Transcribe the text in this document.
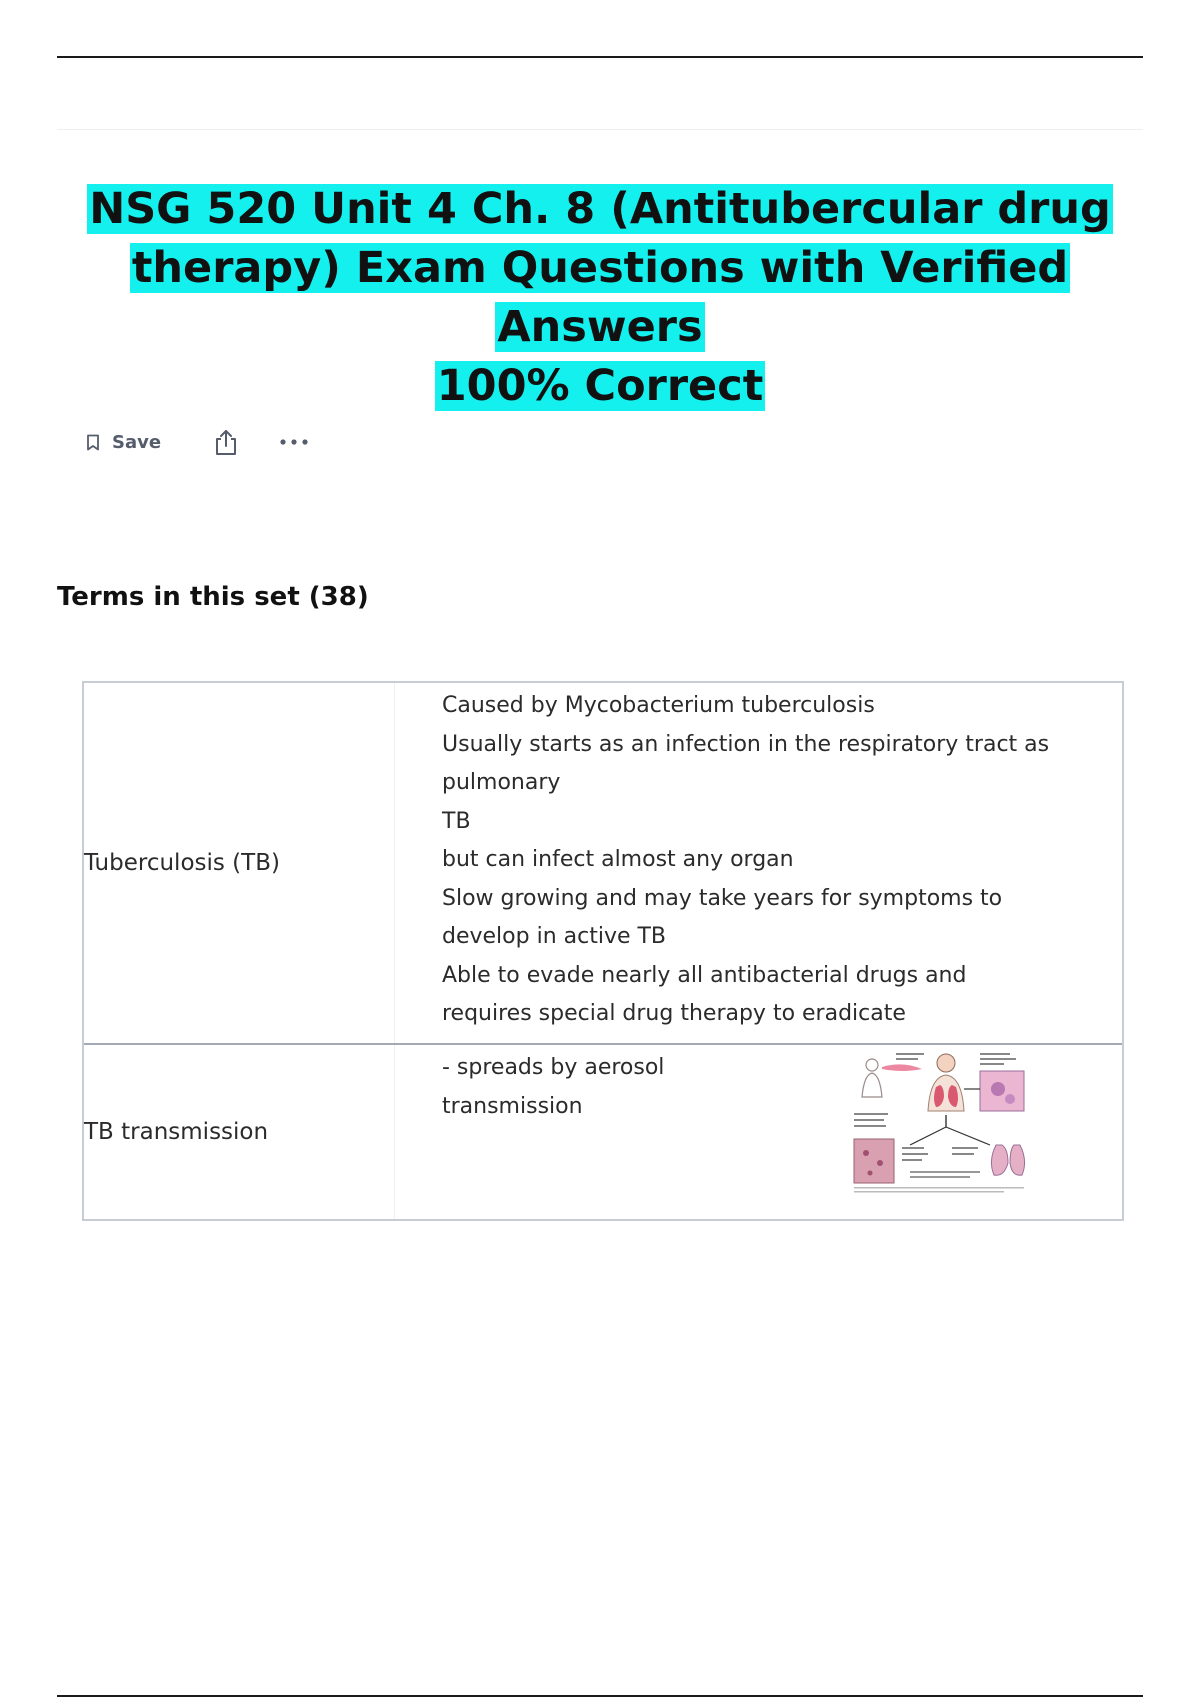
NSG 520 Unit 4 Ch. 8 (Antitubercular drug
therapy) Exam Questions with Verified Answers
100% Correct
Save
Terms in this set (38)
Tuberculosis (TB)
Caused by Mycobacterium tuberculosis
Usually starts as an infection in the respiratory tract as
pulmonary
TB
but can infect almost any organ
Slow growing and may take years for symptoms to
develop in active TB
Able to evade nearly all antibacterial drugs and
requires special drug therapy to eradicate
TB transmission
- spreads by aerosol
transmission
